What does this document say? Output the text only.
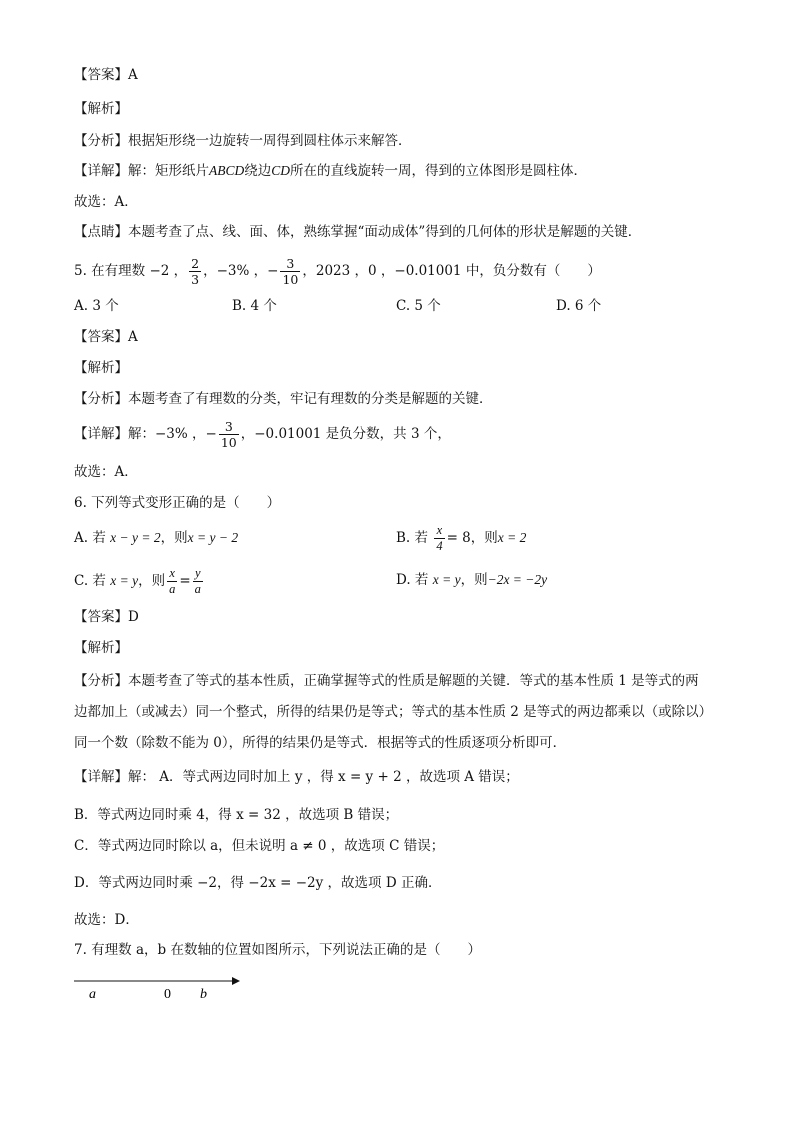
【答案】A
【解析】
【分析】根据矩形绕一边旋转一周得到圆柱体示来解答．
【详解】解：矩形纸片ABCD绕边CD所在的直线旋转一周，得到的立体图形是圆柱体．
故选：A．
【点睛】本题考查了点、线、面、体，熟练掌握“面动成体”得到的几何体的形状是解题的关键．
5. 在有理数 −2 ， $\frac{2}{3}$ ，−3% ，− $\frac{3}{10}$ ，2023 ，0 ，−0.01001 中，负分数有（　　）
A. 3 个	B. 4 个	C. 5 个	D. 6 个
【答案】A
【解析】
【分析】本题考查了有理数的分类，牢记有理数的分类是解题的关键．
【详解】解：−3% ，− $\frac{3}{10}$ ，−0.01001 是负分数，共 3 个，
故选：A．
6. 下列等式变形正确的是（　　）
A. 若 x − y = 2，则x = y − 2	B. 若 $\frac{x}{4} = 8$，则x = 2
C. 若 x = y，则 $\frac{x}{a} = \frac{y}{a}$	D. 若 x = y，则−2x = −2y
【答案】D
【解析】
【分析】本题考查了等式的基本性质，正确掌握等式的性质是解题的关键．等式的基本性质 1 是等式的两
边都加上（或减去）同一个整式，所得的结果仍是等式；等式的基本性质 2 是等式的两边都乘以（或除以）
同一个数（除数不能为 0），所得的结果仍是等式．根据等式的性质逐项分析即可．
【详解】解： A．等式两边同时加上 y ，得 x = y + 2 ，故选项 A 错误；
B．等式两边同时乘 4，得 x = 32 ，故选项 B 错误；
C．等式两边同时除以 a，但未说明 a ≠ 0 ，故选项 C 错误；
D．等式两边同时乘 −2，得 −2x = −2y ，故选项 D 正确．
故选：D．
7. 有理数 a，b 在数轴的位置如图所示，下列说法正确的是（　　）
a	0 b
